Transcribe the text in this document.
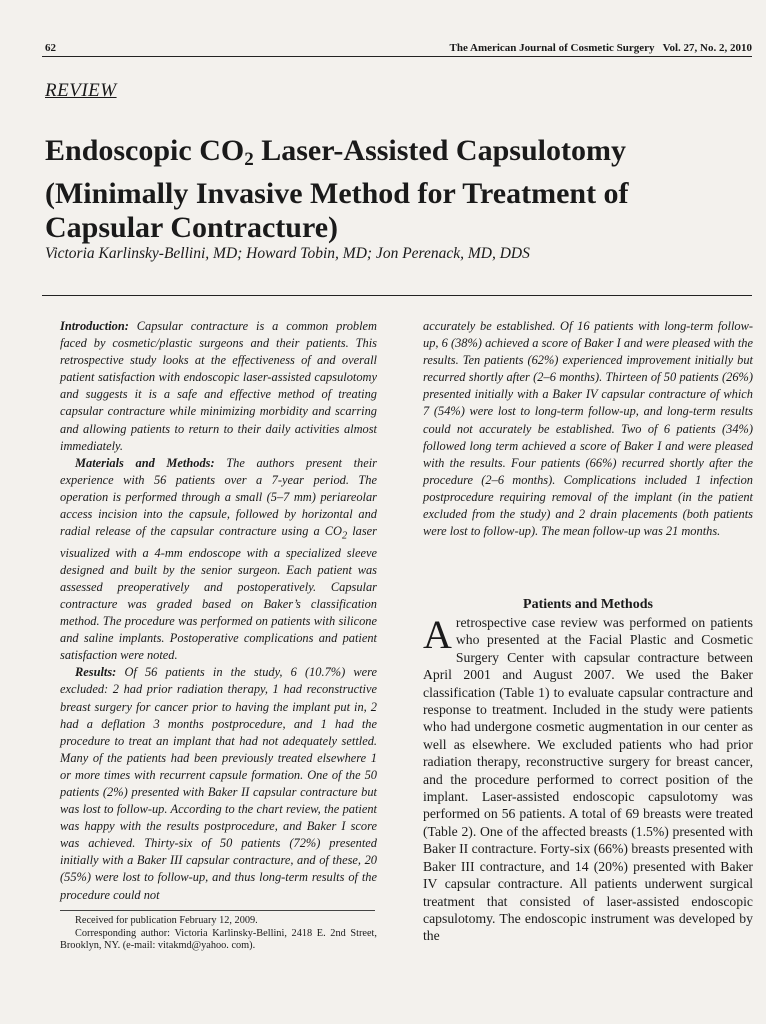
62	The American Journal of Cosmetic Surgery   Vol. 27, No. 2, 2010
REVIEW
Endoscopic $CO_2$ Laser-Assisted Capsulotomy (Minimally Invasive Method for Treatment of Capsular Contracture)
Victoria Karlinsky-Bellini, MD; Howard Tobin, MD; Jon Perenack, MD, DDS

Introduction: Capsular contracture is a common problem faced by cosmetic/plastic surgeons and their patients. This retrospective study looks at the effectiveness of and overall patient satisfaction with endoscopic laser-assisted capsulotomy and suggests it is a safe and effective method of treating capsular contracture while minimizing morbidity and scarring and allowing patients to return to their daily activities almost immediately.

Materials and Methods: The authors present their experience with 56 patients over a 7-year period. The operation is performed through a small (5–7 mm) periareolar access incision into the capsule, followed by horizontal and radial release of the capsular contracture using a $CO_2$ laser visualized with a 4-mm endoscope with a specialized sleeve designed and built by the senior surgeon. Each patient was assessed preoperatively and postoperatively. Capsular contracture was graded based on Baker’s classification method. The procedure was performed on patients with silicone and saline implants. Postoperative complications and patient satisfaction were noted.

Results: Of 56 patients in the study, 6 (10.7%) were excluded: 2 had prior radiation therapy, 1 had reconstructive breast surgery for cancer prior to having the implant put in, 2 had a deflation 3 months postprocedure, and 1 had the procedure to treat an implant that had not adequately settled. Many of the patients had been previously treated elsewhere 1 or more times with recurrent capsule formation. One of the 50 patients (2%) presented with Baker II capsular contracture but was lost to follow-up. According to the chart review, the patient was happy with the results postprocedure, and Baker I score was achieved. Thirty-six of 50 patients (72%) presented initially with a Baker III capsular contracture, and of these, 20 (55%) were lost to follow-up, and thus long-term results of the procedure could not

Received for publication February 12, 2009.

Corresponding author: Victoria Karlinsky-Bellini, 2418 E. 2nd Street, Brooklyn, NY. (e-mail: vitakmd@yahoo. com).

accurately be established. Of 16 patients with long-term follow-up, 6 (38%) achieved a score of Baker I and were pleased with the results. Ten patients (62%) experienced improvement initially but recurred shortly after (2–6 months). Thirteen of 50 patients (26%) presented initially with a Baker IV capsular contracture of which 7 (54%) were lost to long-term follow-up, and long-term results could not accurately be established. Two of 6 patients (34%) followed long term achieved a score of Baker I and were pleased with the results. Four patients (66%) recurred shortly after the procedure (2–6 months). Complications included 1 infection postprocedure requiring removal of the implant (in the patient excluded from the study) and 2 drain placements (both patients were lost to follow-up). The mean follow-up was 21 months.

Patients and Methods

A retrospective case review was performed on patients who presented at the Facial Plastic and Cosmetic Surgery Center with capsular contracture between April 2001 and August 2007. We used the Baker classification (Table 1) to evaluate capsular contracture and response to treatment. Included in the study were patients who had undergone cosmetic augmentation in our center as well as elsewhere. We excluded patients who had prior radiation therapy, reconstructive surgery for breast cancer, and the procedure performed to correct position of the implant. Laser-assisted endoscopic capsulotomy was performed on 56 patients. A total of 69 breasts were treated (Table 2). One of the affected breasts (1.5%) presented with Baker II contracture. Forty-six (66%) breasts presented with Baker III contracture, and 14 (20%) presented with Baker IV capsular contracture. All patients underwent surgical treatment that consisted of laser-assisted endoscopic capsulotomy. The endoscopic instrument was developed by the
